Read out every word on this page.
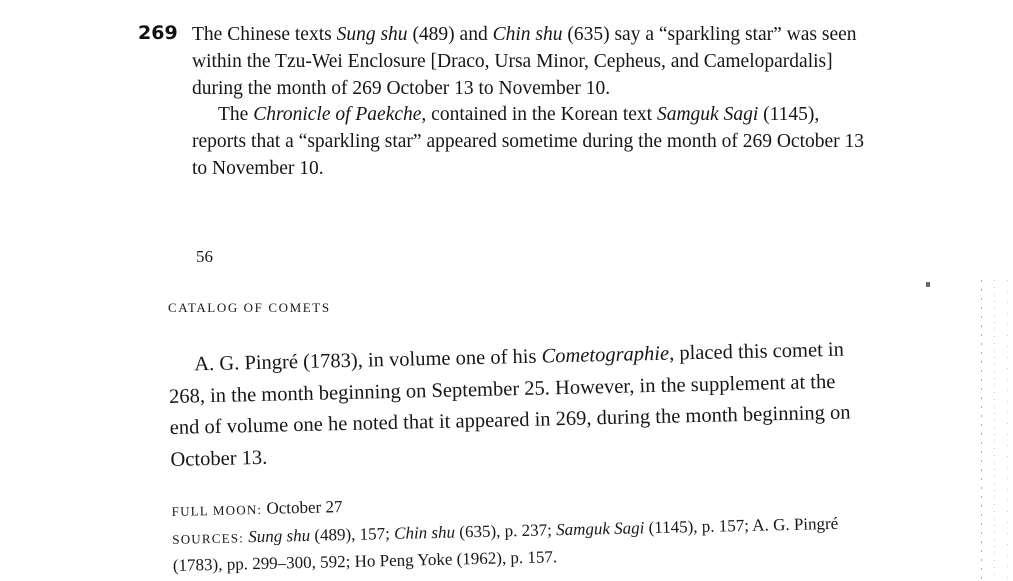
269 The Chinese texts Sung shu (489) and Chin shu (635) say a “sparkling star” was seen within the Tzu-Wei Enclosure [Draco, Ursa Minor, Cepheus, and Camelopardalis] during the month of 269 October 13 to November 10.

The Chronicle of Paekche, contained in the Korean text Samguk Sagi (1145), reports that a “sparkling star” appeared sometime during the month of 269 October 13 to November 10.

56
CATALOG OF COMETS

A. G. Pingré (1783), in volume one of his Cometographie, placed this comet in 268, in the month beginning on September 25. However, in the supplement at the end of volume one he noted that it appeared in 269, during the month beginning on October 13.

FULL MOON: October 27

SOURCES: Sung shu (489), 157; Chin shu (635), p. 237; Samguk Sagi (1145), p. 157; A. G. Pingré (1783), pp. 299–300, 592; Ho Peng Yoke (1962), p. 157.
